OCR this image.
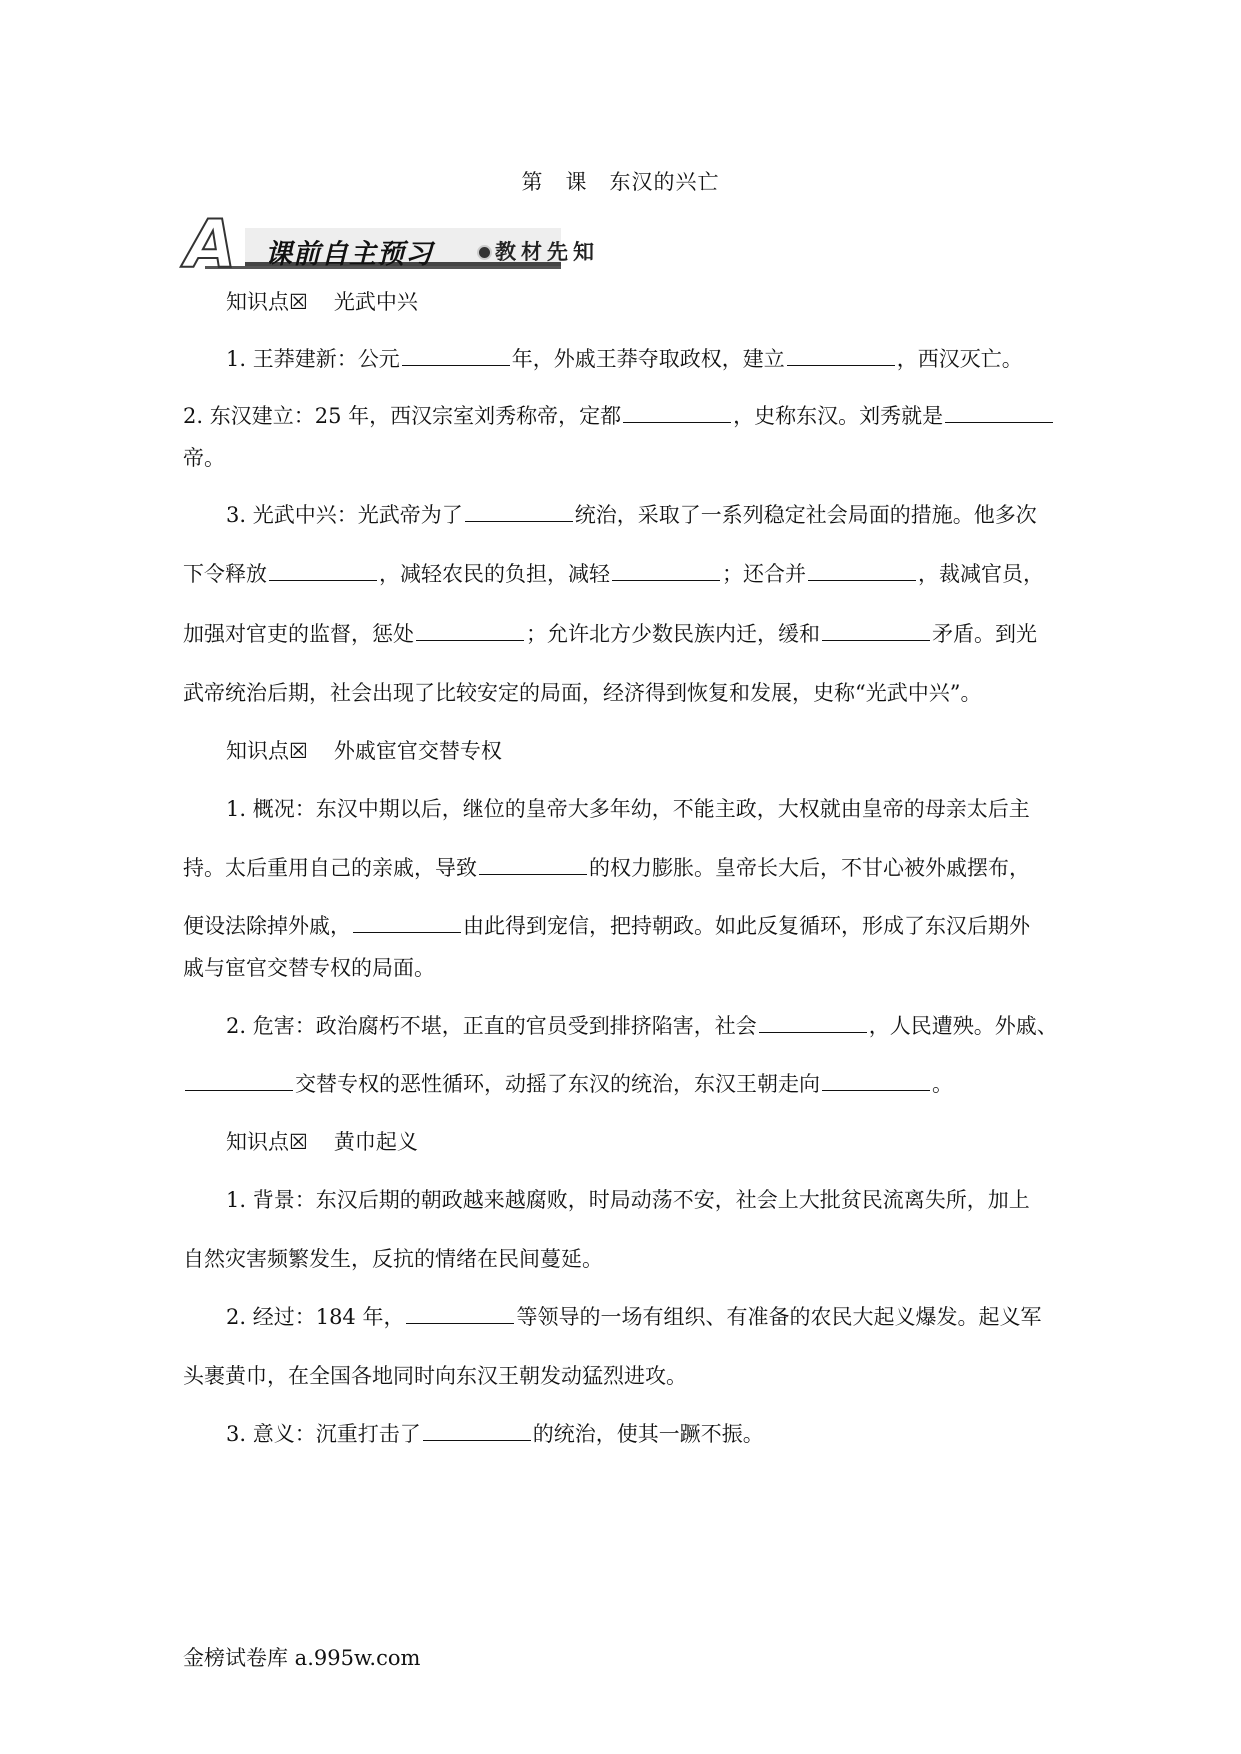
第　课　东汉的兴亡
A 课前自主预习	教材先知
知识点☒ 光武中兴
1. 王莽建新：公元	年，外戚王莽夺取政权，建立	，西汉灭亡。
2. 东汉建立：25 年，西汉宗室刘秀称帝，定都	，史称东汉。刘秀就是
帝。
3. 光武中兴：光武帝为了	统治，采取了一系列稳定社会局面的措施。他多次
下令释放	，减轻农民的负担，减轻	；还合并	，裁减官员，
加强对官吏的监督，惩处	；允许北方少数民族内迁，缓和	矛盾。到光
武帝统治后期，社会出现了比较安定的局面，经济得到恢复和发展，史称“光武中兴”。
知识点☒ 外戚宦官交替专权
1. 概况：东汉中期以后，继位的皇帝大多年幼，不能主政，大权就由皇帝的母亲太后主
持。太后重用自己的亲戚，导致	的权力膨胀。皇帝长大后，不甘心被外戚摆布，
便设法除掉外戚，	由此得到宠信，把持朝政。如此反复循环，形成了东汉后期外
戚与宦官交替专权的局面。
2. 危害：政治腐朽不堪，正直的官员受到排挤陷害，社会	，人民遭殃。外戚、
交替专权的恶性循环，动摇了东汉的统治，东汉王朝走向	。
知识点☒ 黄巾起义
1. 背景：东汉后期的朝政越来越腐败，时局动荡不安，社会上大批贫民流离失所，加上
自然灾害频繁发生，反抗的情绪在民间蔓延。
2. 经过：184 年，	等领导的一场有组织、有准备的农民大起义爆发。起义军
头裹黄巾，在全国各地同时向东汉王朝发动猛烈进攻。
3. 意义：沉重打击了	的统治，使其一蹶不振。
金榜试卷库 a.995w.com
